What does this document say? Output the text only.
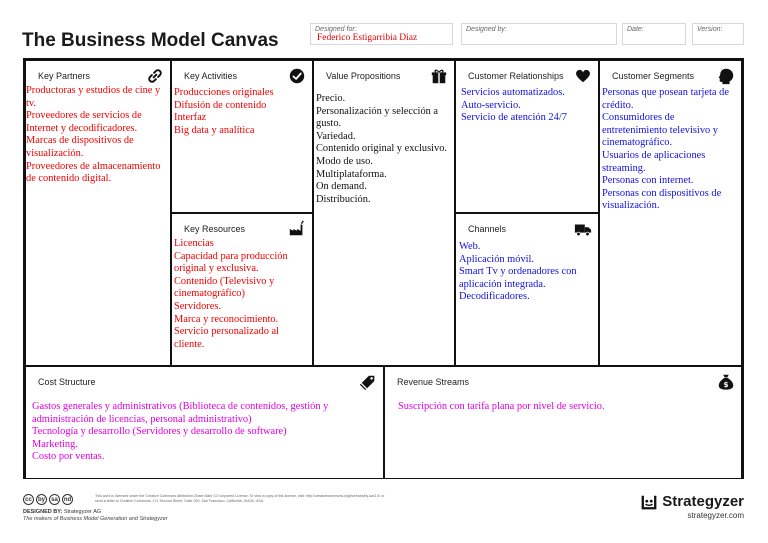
The Business Model Canvas
Designed for:
Federico Estigarribia Diaz
Designed by:	Date:	Version:
Key Partners
Productoras y estudios de cine y tv.
Proveedores de servicios de Internet y decodificadores.
Marcas de dispositivos de visualización.
Proveedores de almacenamiento de contenido digital.
Key Activities
Producciones originales
Difusión de contenido
Interfaz
Big data y analítica
Key Resources
Licencias
Capacidad para producción original y exclusiva.
Contenido (Televisivo y cinematográfico)
Servidores.
Marca y reconocimiento.
Servicio personalizado al cliente.
Value Propositions
Precio.
Personalización y selección a gusto.
Variedad.
Contenido original y exclusivo.
Modo de uso.
Multiplataforma.
On demand.
Distribución.
Customer Relationships
Servicios automatizados.
Auto-servicio.
Servicio de atención 24/7
Channels
Web.
Aplicación móvil.
Smart Tv y ordenadores con aplicación integrada.
Decodificadores.
Customer Segments
Personas que posean tarjeta de crédito.
Consumidores de entretenimiento televisivo y cinematográfico.
Usuarios de aplicaciones streaming.
Personas con internet.
Personas con dispositivos de visualización.
Cost Structure
Gastos generales y administrativos (Biblioteca de contenidos, gestión y administración de licencias, personal administrativo)
Tecnología y desarrollo (Servidores y desarrollo de software)
Marketing.
Costo por ventas.
Revenue Streams	$
Suscripción con tarifa plana por nivel de servicio.
cc	by	sa nd
This work is licensed under the Creative Commons Attribution-Share Alike 3.0 Unported License. To view a copy of this license, visit: http://creativecommons.org/licenses/by-sa/3.0/ or send a letter to Creative Commons, 171 Second Street, Suite 300, San Francisco, California, 94105, USA.
DESIGNED BY: Strategyzer AG
The makers of Business Model Generation and Strategyzer
Strategyzer
strategyzer.com
